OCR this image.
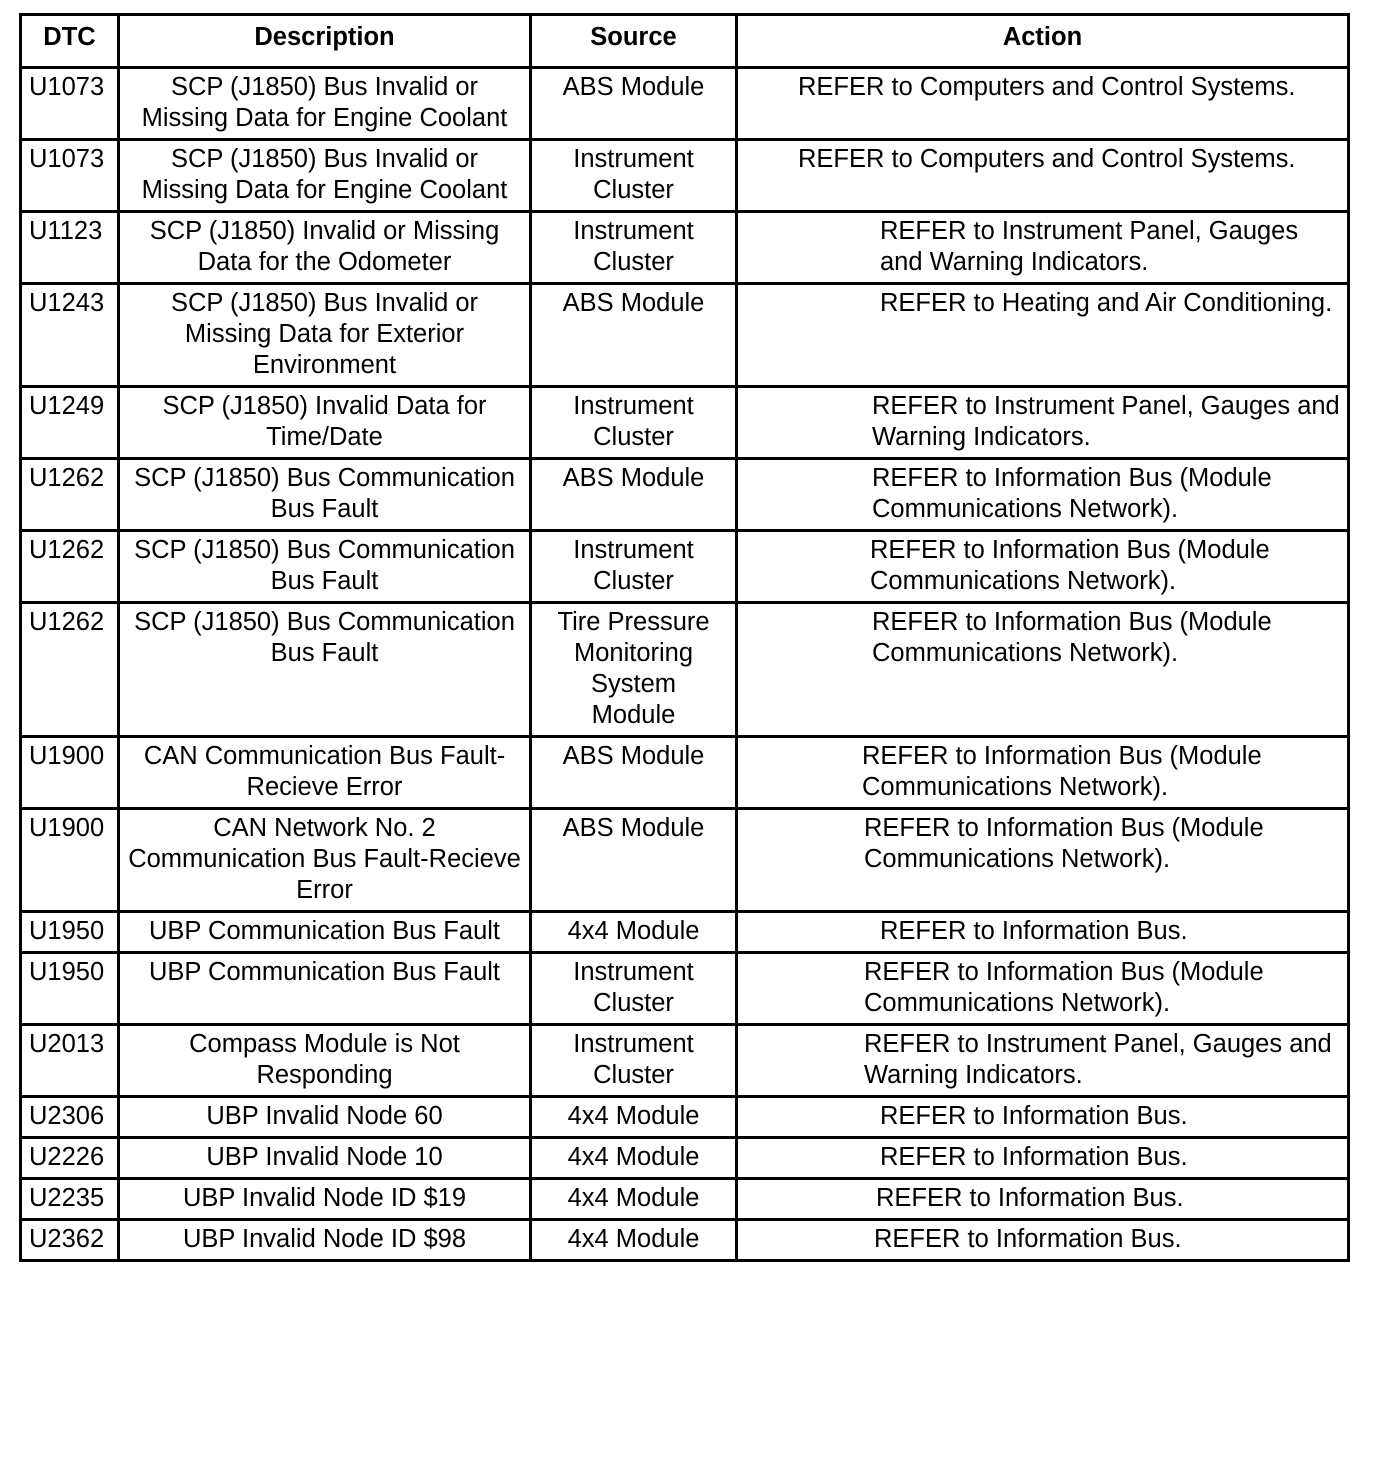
DTC	Description	Source	Action
U1073	SCP (J1850) Bus Invalid or Missing Data for Engine Coolant	ABS Module	REFER to Computers and Control Systems.
U1073	SCP (J1850) Bus Invalid or Missing Data for Engine Coolant	Instrument Cluster	REFER to Computers and Control Systems.
U1123	SCP (J1850) Invalid or Missing Data for the Odometer	Instrument Cluster	REFER to Instrument Panel, Gauges and Warning Indicators.
U1243	SCP (J1850) Bus Invalid or Missing Data for Exterior Environment	ABS Module	REFER to Heating and Air Conditioning.
U1249	SCP (J1850) Invalid Data for Time/Date	Instrument Cluster	REFER to Instrument Panel, Gauges and Warning Indicators.
U1262	SCP (J1850) Bus Communication Bus Fault	ABS Module	REFER to Information Bus (Module Communications Network).
U1262	SCP (J1850) Bus Communication Bus Fault	Instrument Cluster	REFER to Information Bus (Module Communications Network).
U1262	SCP (J1850) Bus Communication Bus Fault	Tire Pressure Monitoring System Module	REFER to Information Bus (Module Communications Network).
U1900	CAN Communication Bus Fault-Recieve Error	ABS Module	REFER to Information Bus (Module Communications Network).
U1900	CAN Network No. 2 Communication Bus Fault-Recieve Error	ABS Module	REFER to Information Bus (Module Communications Network).
U1950	UBP Communication Bus Fault	4x4 Module	REFER to Information Bus.
U1950	UBP Communication Bus Fault	Instrument Cluster	REFER to Information Bus (Module Communications Network).
U2013	Compass Module is Not Responding	Instrument Cluster	REFER to Instrument Panel, Gauges and Warning Indicators.
U2306	UBP Invalid Node 60	4x4 Module	REFER to Information Bus.
U2226	UBP Invalid Node 10	4x4 Module	REFER to Information Bus.
U2235	UBP Invalid Node ID $19	4x4 Module	REFER to Information Bus.
U2362	UBP Invalid Node ID $98	4x4 Module	REFER to Information Bus.
